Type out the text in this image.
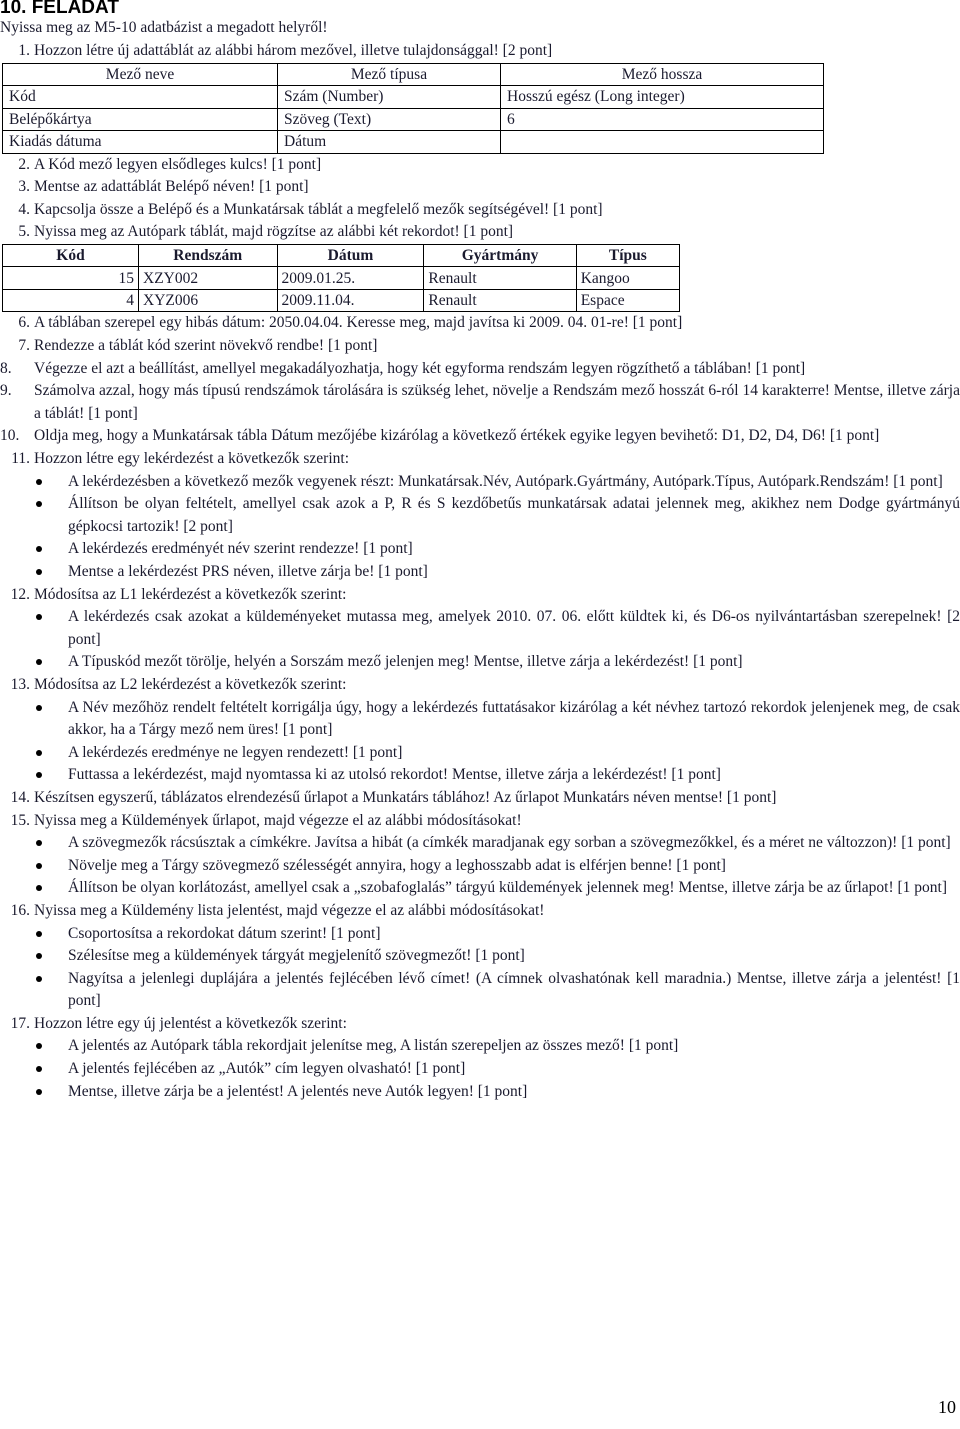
10. FELADAT
Nyissa meg az M5-10 adatbázist a megadott helyről!
1. Hozzon létre új adattáblát az alábbi három mezővel, illetve tulajdonsággal! [2 pont]
Mező neve	Mező típusa	Mező hossza
Kód	Szám (Number)	Hosszú egész (Long integer)
Belépőkártya	Szöveg (Text)	6
Kiadás dátuma	Dátum	
2. A Kód mező legyen elsődleges kulcs! [1 pont]
3. Mentse az adattáblát Belépő néven! [1 pont]
4. Kapcsolja össze a Belépő és a Munkatársak táblát a megfelelő mezők segítségével! [1 pont]
5. Nyissa meg az Autópark táblát, majd rögzítse az alábbi két rekordot! [1 pont]
Kód	Rendszám	Dátum	Gyártmány	Típus
15	XZY002	2009.01.25.	Renault	Kangoo
4	XYZ006	2009.11.04.	Renault	Espace
6. A táblában szerepel egy hibás dátum: 2050.04.04. Keresse meg, majd javítsa ki 2009. 04. 01-re! [1 pont]
7. Rendezze a táblát kód szerint növekvő rendbe! [1 pont]
8.	Végezze el azt a beállítást, amellyel megakadályozhatja, hogy két egyforma rendszám legyen rögzíthető a táblában! [1 pont]
9.	Számolva azzal, hogy más típusú rendszámok tárolására is szükség lehet, növelje a Rendszám mező hosszát 6-ról 14 karakterre! Mentse, illetve zárja a táblát! [1 pont]
10. Oldja meg, hogy a Munkatársak tábla Dátum mezőjébe kizárólag a következő értékek egyike legyen bevihető: D1, D2, D4, D6! [1 pont]
11. Hozzon létre egy lekérdezést a következők szerint:
A lekérdezésben a következő mezők vegyenek részt: Munkatársak.Név, Autópark.Gyártmány, Autópark.Típus, Autópark.Rendszám! [1 pont]
Állítson be olyan feltételt, amellyel csak azok a P, R és S kezdőbetűs munkatársak adatai jelennek meg, akikhez nem Dodge gyártmányú gépkocsi tartozik! [2 pont]
A lekérdezés eredményét név szerint rendezze! [1 pont]
Mentse a lekérdezést PRS néven, illetve zárja be! [1 pont]
12. Módosítsa az L1 lekérdezést a következők szerint:
A lekérdezés csak azokat a küldeményeket mutassa meg, amelyek 2010. 07. 06. előtt küldtek ki, és D6-os nyilvántartásban szerepelnek! [2 pont]
A Típuskód mezőt törölje, helyén a Sorszám mező jelenjen meg! Mentse, illetve zárja a lekérdezést! [1 pont]
13. Módosítsa az L2 lekérdezést a következők szerint:
A Név mezőhöz rendelt feltételt korrigálja úgy, hogy a lekérdezés futtatásakor kizárólag a két névhez tartozó rekordok jelenjenek meg, de csak akkor, ha a Tárgy mező nem üres! [1 pont]
A lekérdezés eredménye ne legyen rendezett! [1 pont]
Futtassa a lekérdezést, majd nyomtassa ki az utolsó rekordot! Mentse, illetve zárja a lekérdezést! [1 pont]
14. Készítsen egyszerű, táblázatos elrendezésű űrlapot a Munkatárs táblához! Az űrlapot Munkatárs néven mentse! [1 pont]
15. Nyissa meg a Küldemények űrlapot, majd végezze el az alábbi módosításokat!
A szövegmezők rácsúsztak a címkékre. Javítsa a hibát (a címkék maradjanak egy sorban a szövegmezőkkel, és a méret ne változzon)! [1 pont]
Növelje meg a Tárgy szövegmező szélességét annyira, hogy a leghosszabb adat is elférjen benne! [1 pont]
Állítson be olyan korlátozást, amellyel csak a „szobafoglalás” tárgyú küldemények jelennek meg! Mentse, illetve zárja be az űrlapot! [1 pont]
16. Nyissa meg a Küldemény lista jelentést, majd végezze el az alábbi módosításokat!
Csoportosítsa a rekordokat dátum szerint! [1 pont]
Szélesítse meg a küldemények tárgyát megjelenítő szövegmezőt! [1 pont]
Nagyítsa a jelenlegi duplájára a jelentés fejlécében lévő címet! (A címnek olvashatónak kell maradnia.) Mentse, illetve zárja a jelentést! [1 pont]
17. Hozzon létre egy új jelentést a következők szerint:
A jelentés az Autópark tábla rekordjait jelenítse meg, A listán szerepeljen az összes mező! [1 pont]
A jelentés fejlécében az „Autók” cím legyen olvasható! [1 pont]
Mentse, illetve zárja be a jelentést! A jelentés neve Autók legyen! [1 pont]
10
